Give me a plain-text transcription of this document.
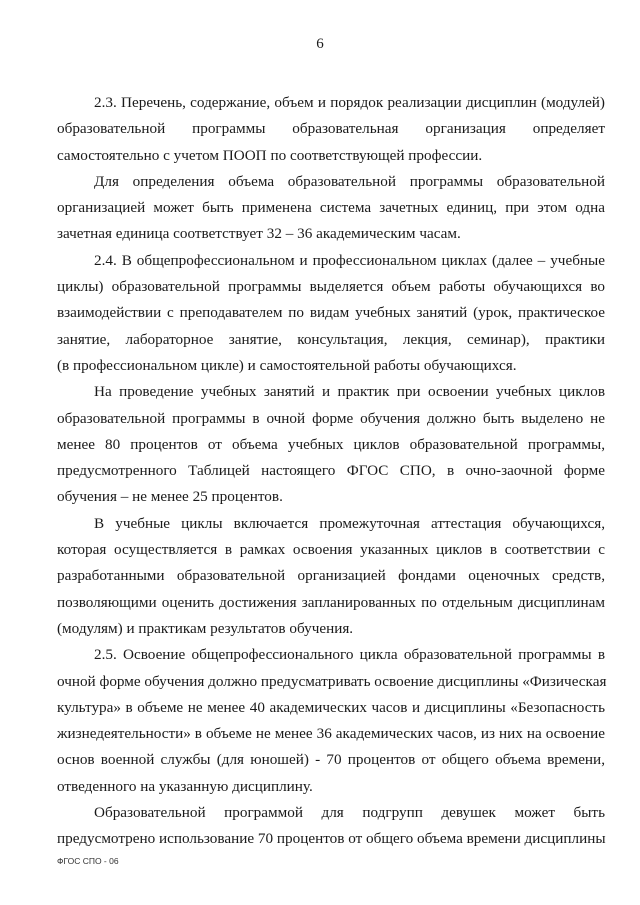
6
2.3. Перечень, содержание, объем и порядок реализации дисциплин (модулей)
образовательной программы образовательная организация определяет
самостоятельно с учетом ПООП по соответствующей профессии.
Для определения объема образовательной программы образовательной
организацией может быть применена система зачетных единиц, при этом одна
зачетная единица соответствует 32 – 36 академическим часам.
2.4. В общепрофессиональном и профессиональном циклах (далее – учебные
циклы) образовательной программы выделяется объем работы обучающихся во
взаимодействии с преподавателем по видам учебных занятий (урок, практическое
занятие, лабораторное занятие, консультация, лекция, семинар), практики
(в профессиональном цикле) и самостоятельной работы обучающихся.
На проведение учебных занятий и практик при освоении учебных циклов
образовательной программы в очной форме обучения должно быть выделено не
менее 80 процентов от объема учебных циклов образовательной программы,
предусмотренного Таблицей настоящего ФГОС СПО, в очно-заочной форме
обучения – не менее 25 процентов.
В учебные циклы включается промежуточная аттестация обучающихся,
которая осуществляется в рамках освоения указанных циклов в соответствии с
разработанными образовательной организацией фондами оценочных средств,
позволяющими оценить достижения запланированных по отдельным дисциплинам
(модулям) и практикам результатов обучения.
2.5. Освоение общепрофессионального цикла образовательной программы в
очной форме обучения должно предусматривать освоение дисциплины «Физическая
культура» в объеме не менее 40 академических часов и дисциплины «Безопасность
жизнедеятельности» в объеме не менее 36 академических часов, из них на освоение
основ военной службы (для юношей) - 70 процентов от общего объема времени,
отведенного на указанную дисциплину.
Образовательной программой для подгрупп девушек может быть
предусмотрено использование 70 процентов от общего объема времени дисциплины
ФГОС СПО - 06
